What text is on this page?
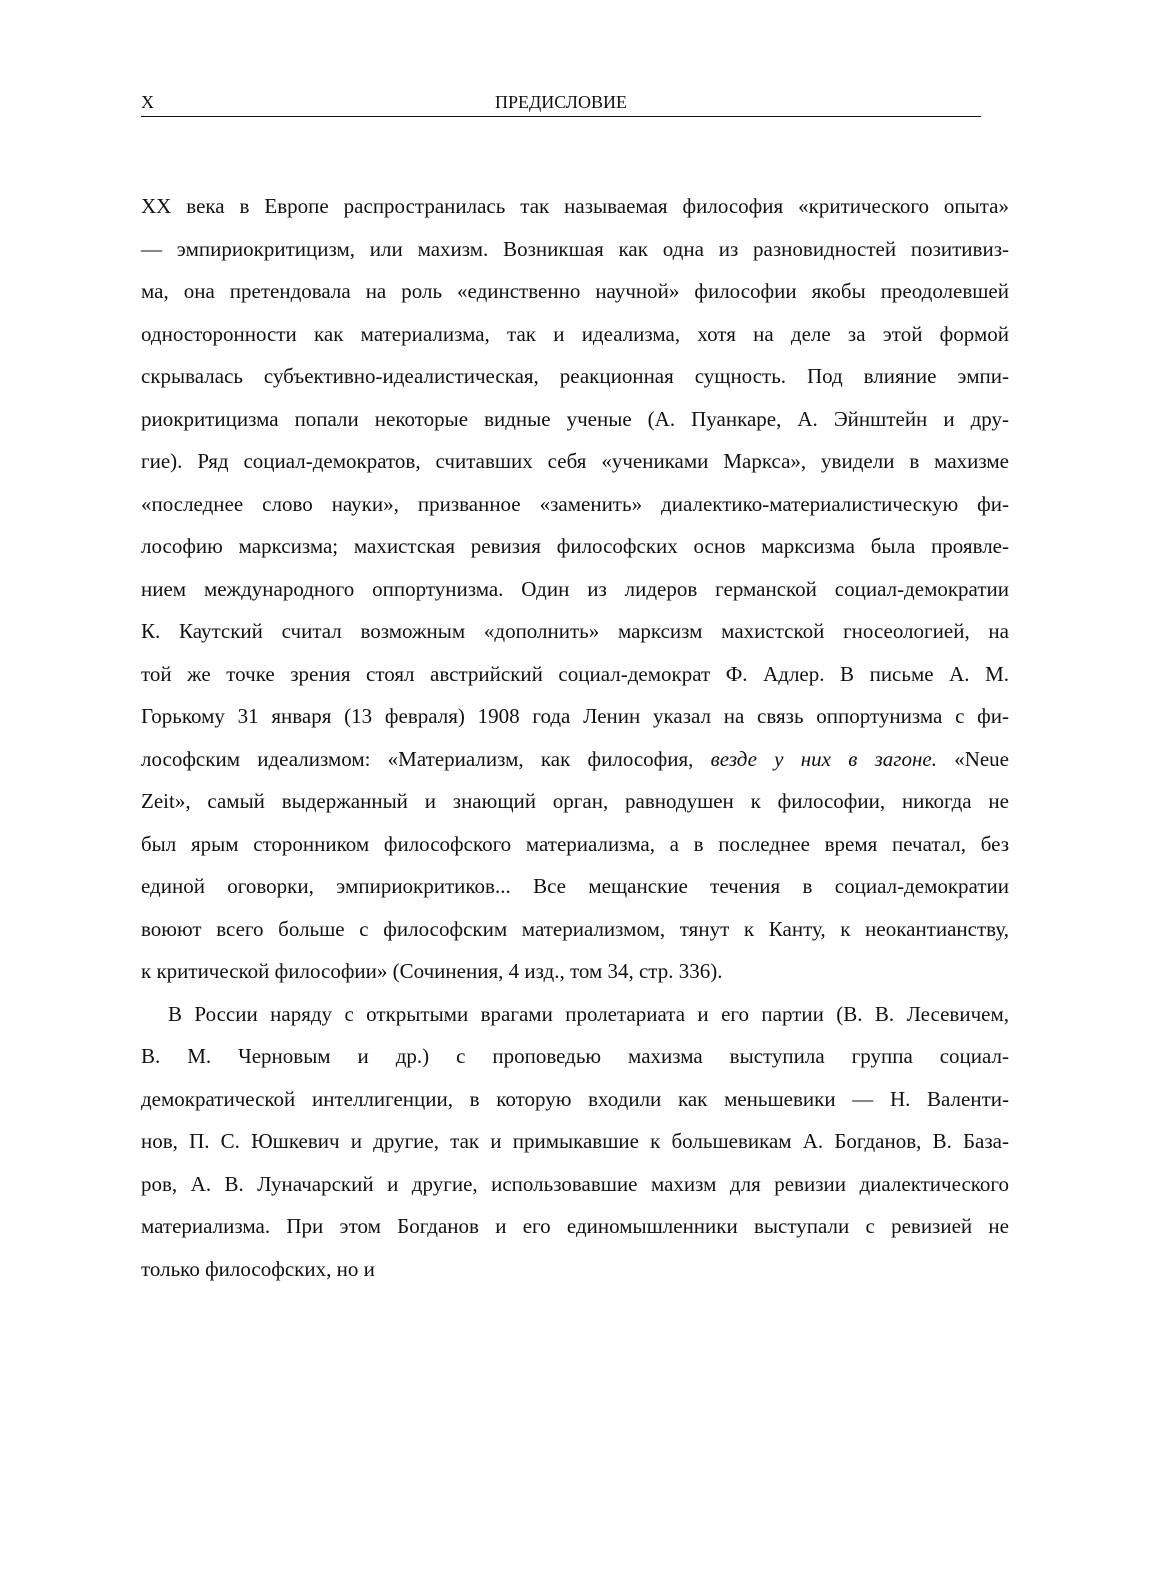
X	ПРЕДИСЛОВИЕ
XX века в Европе распространилась так называемая философия «критического опыта»
— эмпириокритицизм, или махизм. Возникшая как одна из разновидностей позитивиз-
ма, она претендовала на роль «единственно научной» философии якобы преодолевшей
односторонности как материализма, так и идеализма, хотя на деле за этой формой
скрывалась субъективно-идеалистическая, реакционная сущность. Под влияние эмпи-
риокритицизма попали некоторые видные ученые (А. Пуанкаре, А. Эйнштейн и дру-
гие). Ряд социал-демократов, считавших себя «учениками Маркса», увидели в махизме
«последнее слово науки», призванное «заменить» диалектико-материалистическую фи-
лософию марксизма; махистская ревизия философских основ марксизма была проявле-
нием международного оппортунизма. Один из лидеров германской социал-демократии
К. Каутский считал возможным «дополнить» марксизм махистской гносеологией, на
той же точке зрения стоял австрийский социал-демократ Ф. Адлер. В письме А. М.
Горькому 31 января (13 февраля) 1908 года Ленин указал на связь оппортунизма с фи-
лософским идеализмом: «Материализм, как философия, везде у них в загоне. «Neue
Zeit», самый выдержанный и знающий орган, равнодушен к философии, никогда не
был ярым сторонником философского материализма, а в последнее время печатал, без
единой оговорки, эмпириокритиков... Все мещанские течения в социал-демократии
воюют всего больше с философским материализмом, тянут к Канту, к неокантианству,
к критической философии» (Сочинения, 4 изд., том 34, стр. 336).
В России наряду с открытыми врагами пролетариата и его партии (В. В. Лесевичем,
В. М. Черновым и др.) с проповедью махизма выступила группа социал-
демократической интеллигенции, в которую входили как меньшевики — Н. Валенти-
нов, П. С. Юшкевич и другие, так и примыкавшие к большевикам А. Богданов, В. База-
ров, А. В. Луначарский и другие, использовавшие махизм для ревизии диалектического
материализма. При этом Богданов и его единомышленники выступали с ревизией не
только философских, но и
